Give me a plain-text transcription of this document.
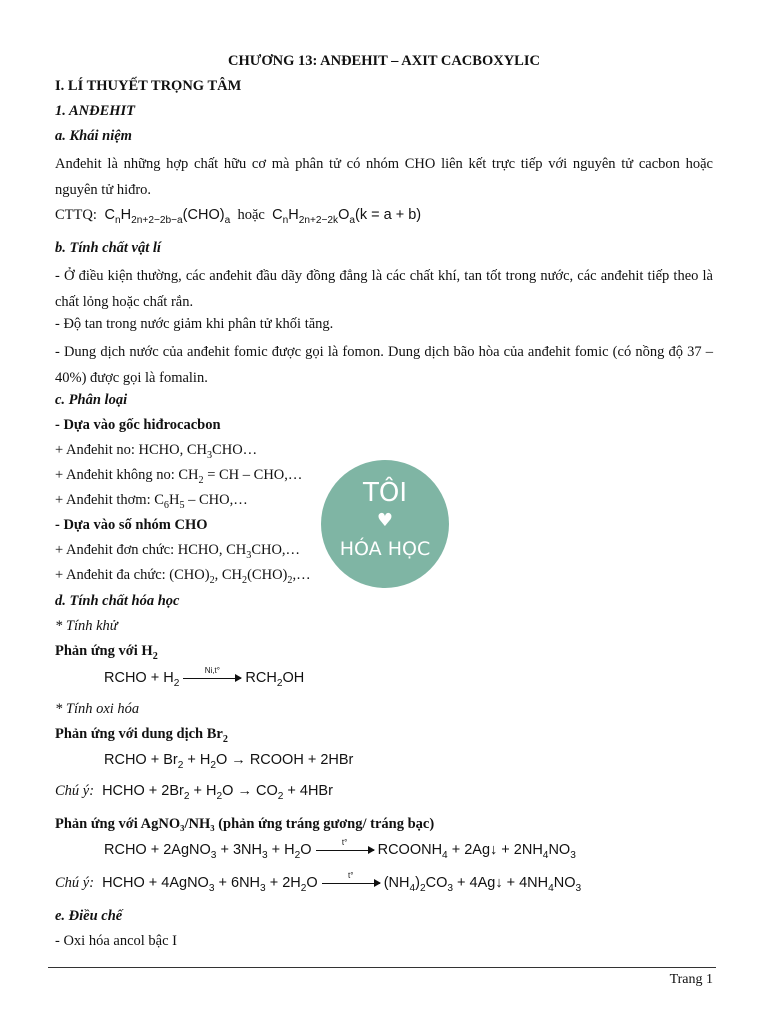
CHƯƠNG 13: ANĐEHIT – AXIT CACBOXYLIC
I. LÍ THUYẾT TRỌNG TÂM
1. ANĐEHIT
a. Khái niệm
Anđehit là những hợp chất hữu cơ mà phân tử có nhóm CHO liên kết trực tiếp với nguyên tử cacbon hoặc nguyên tử hiđro.
CTTQ:  $C_nH_{2n+2-2b-a}(CHO)_a$ hoặc $C_nH_{2n+2-2k}O_a(k = a + b)$
b. Tính chất vật lí
- Ở điều kiện thường, các anđehit đầu dãy đồng đẳng là các chất khí, tan tốt trong nước, các anđehit tiếp theo là chất lỏng hoặc chất rắn.
- Độ tan trong nước giảm khi phân tử khối tăng.
- Dung dịch nước của anđehit fomic được gọi là fomon. Dung dịch bão hòa của anđehit fomic (có nồng độ 37 – 40%) được gọi là fomalin.
c. Phân loại
- Dựa vào gốc hiđrocacbon
+ Anđehit no: HCHO, $CH_3CHO\dots$
+ Anđehit không no: $CH_2$ = CH – CHO,…
+ Anđehit thơm: $C_6H_5$ – CHO,…
- Dựa vào số nhóm CHO
+ Anđehit đơn chức: HCHO, $CH_3CHO,\dots$
+ Anđehit đa chức: $(CHO)_2$, $CH_2(CHO)_2,\dots$
TÔI
♥
HÓA HỌC
d. Tính chất hóa học
* Tính khử
Phản ứng với $H_2$
RCHO + $H_2$
Ni,t°	$RCH_2OH$
* Tính oxi hóa
Phản ứng với dung dịch $Br_2$
RCHO + $Br_2 + H_2O$ → RCOOH + 2HBr
Chú ý: HCHO + $2Br_2 + H_2O \to CO_2 + 4HBr$
Phản ứng với AgNO₃/NH₃ (phản ứng tráng gương/ tráng bạc)
RCHO + 2AgNO$_3$ + $3NH_3 + H_2O$	t°	$RCOONH_4$ + 2Ag↓ + $2NH_4NO_3$
Chú ý: HCHO + 4AgNO$_3$ + $6NH_3 + 2H_2O$	t°	$(NH_4)_2CO_3$ + 4Ag↓ + $4NH_4NO_3$
e. Điều chế
- Oxi hóa ancol bậc I
Trang 1
